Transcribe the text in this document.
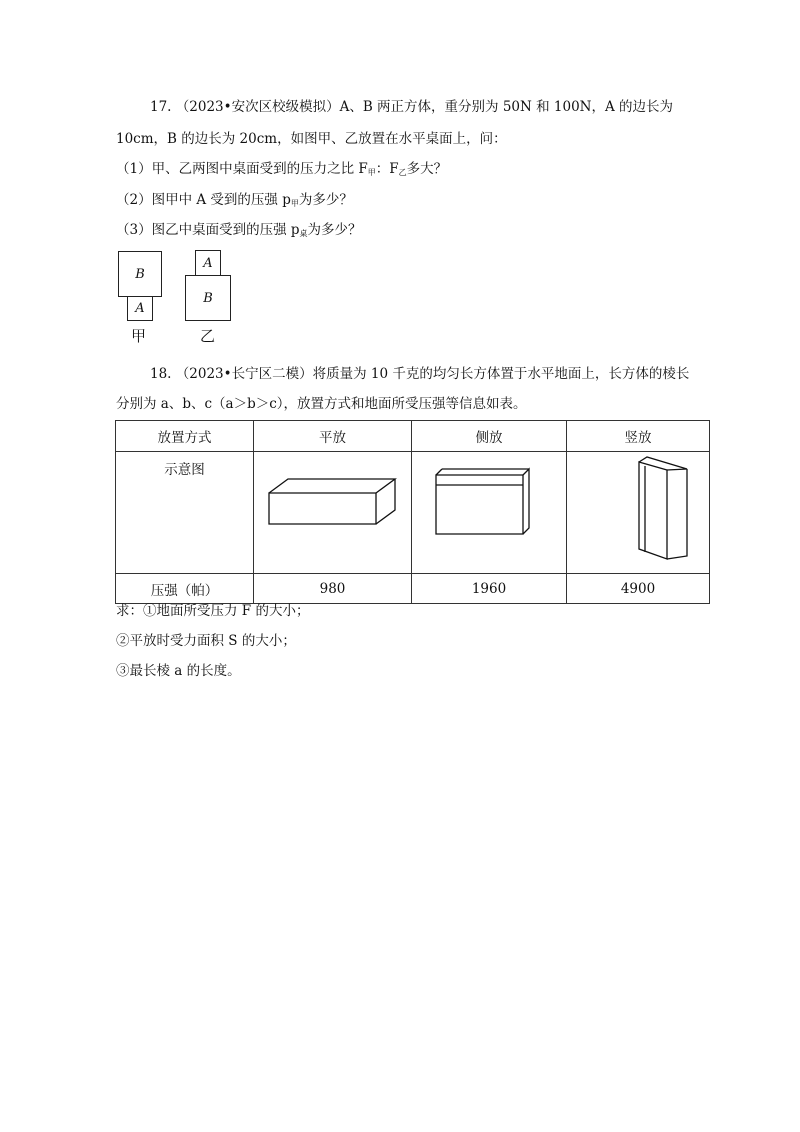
17. （2023•安次区校级模拟）A、B 两正方体，重分别为 50N 和 100N，A 的边长为
10cm，B 的边长为 20cm，如图甲、乙放置在水平桌面上，问：
（1）甲、乙两图中桌面受到的压力之比 $F_甲$：$F_乙$多大？
（2）图甲中 A 受到的压强 $p_甲$为多少？
（3）图乙中桌面受到的压强 $p_桌$为多少？
B
A
甲
A
B
乙
18. （2023•长宁区二模）将质量为 10 千克的均匀长方体置于水平地面上，长方体的棱长
分别为 a、b、c（a＞b＞c），放置方式和地面所受压强等信息如表。
放置方式	平放	侧放	竖放
示意图	

压强（帕）	980	1960	4900
求：①地面所受压力 F 的大小；
②平放时受力面积 S 的大小；
③最长棱 a 的长度。
